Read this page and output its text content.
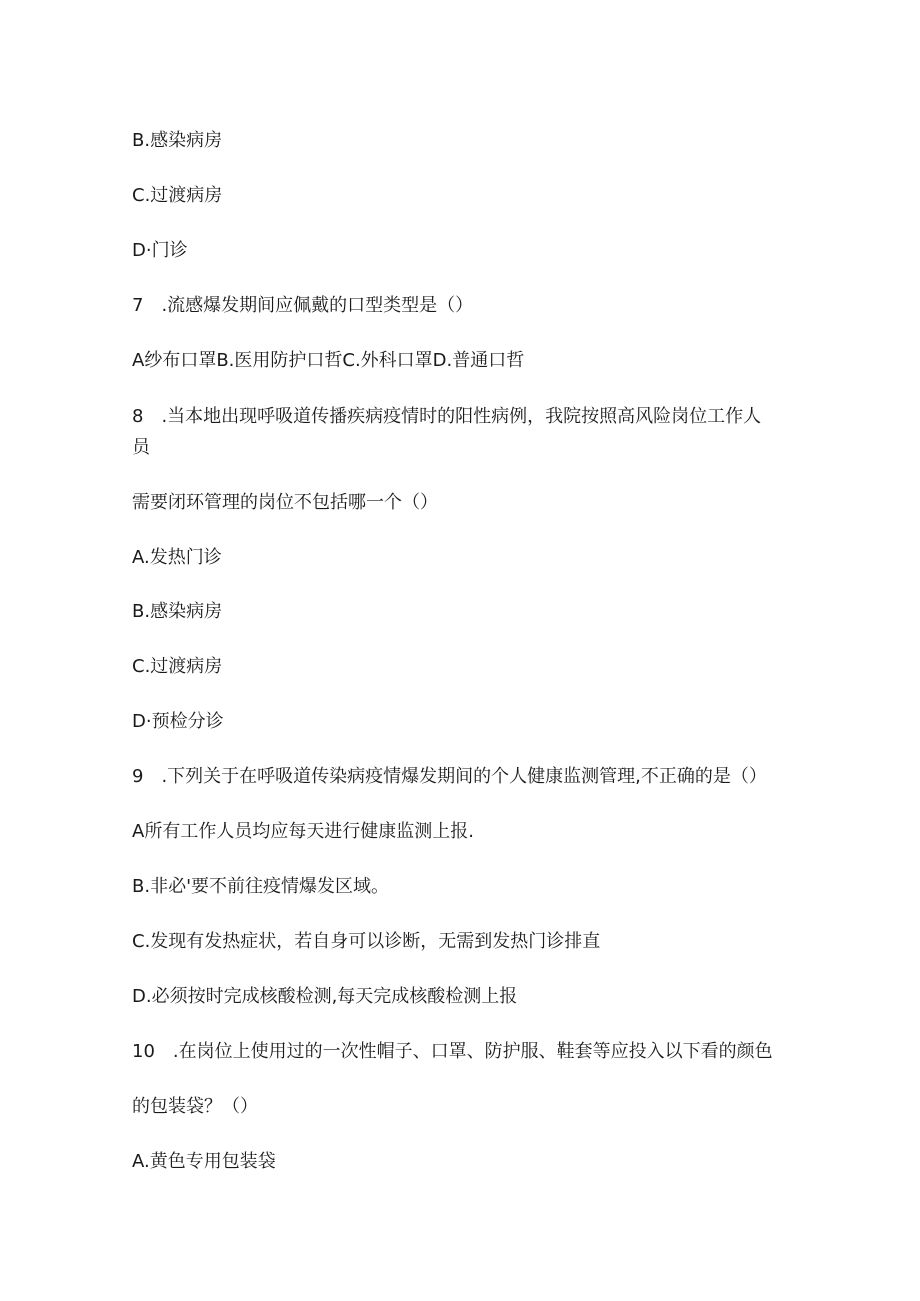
B.感染病房

C.过渡病房

D·门诊

7　.流感爆发期间应佩戴的口型类型是（）

A纱布口罩B.医用防护口哲C.外科口罩D.普通口哲

8　.当本地出现呼吸道传播疾病疫情时的阳性病例，我院按照高风险岗位工作人

员

需要闭环管理的岗位不包括哪一个（）

A.发热门诊

B.感染病房

C.过渡病房

D·预检分诊

9　.下列关于在呼吸道传染病疫情爆发期间的个人健康监测管理,不正确的是（）

A所有工作人员均应每天进行健康监测上报.

B.非必'要不前往疫情爆发区域。

C.发现有发热症状，若自身可以诊断，无需到发热门诊排直

D.必须按时完成核酸检测,每天完成核酸检测上报

10　.在岗位上使用过的一次性帽子、口罩、防护服、鞋套等应投入以下看的颜色

的包装袋？（）

A.黄色专用包装袋
